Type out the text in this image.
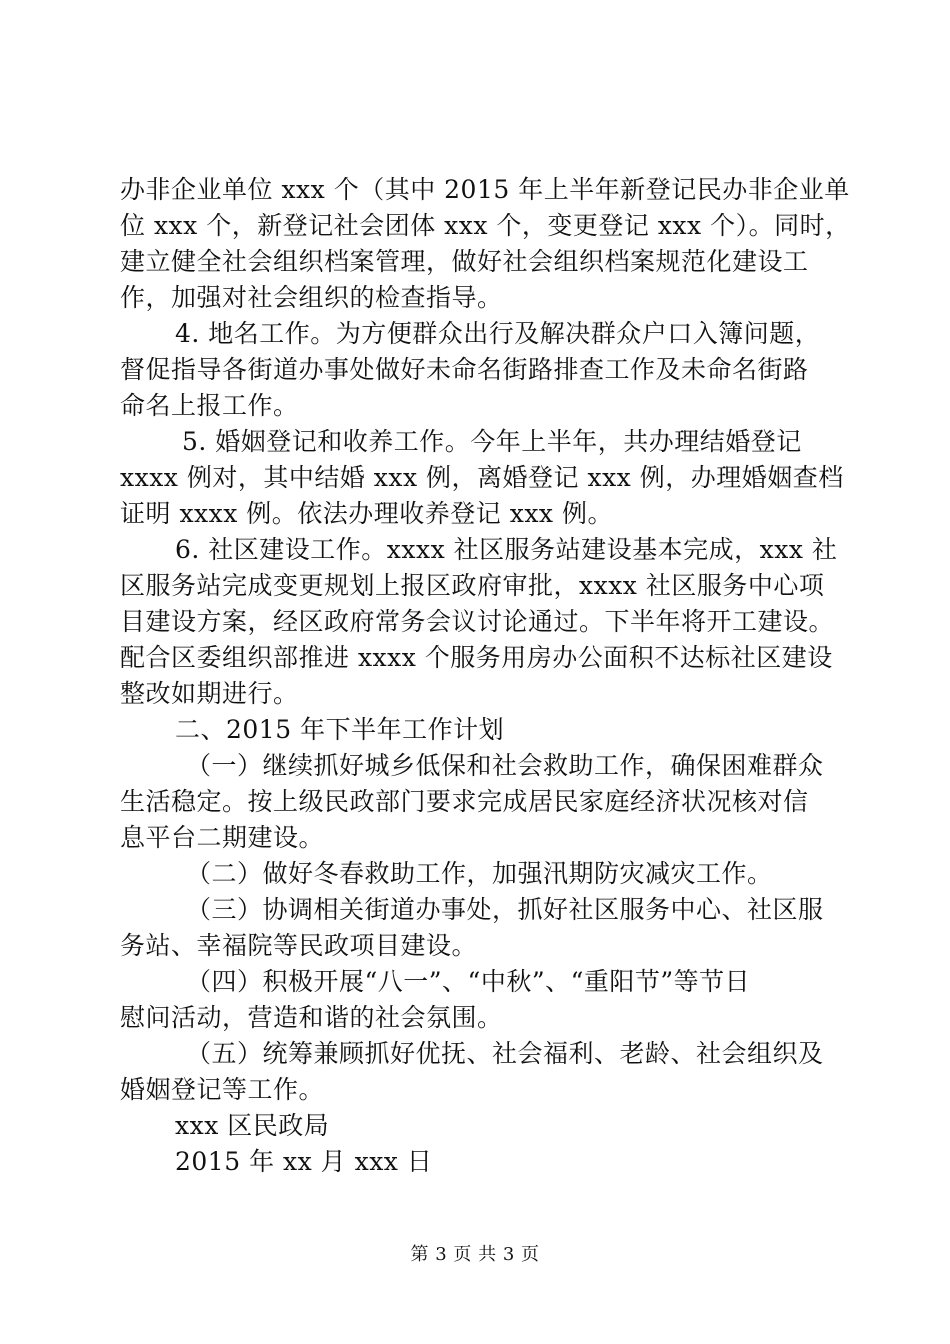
办非企业单位 xxx 个（其中 2015 年上半年新登记民办非企业单
位 xxx 个，新登记社会团体 xxx 个，变更登记 xxx 个）。同时，
建立健全社会组织档案管理，做好社会组织档案规范化建设工
作，加强对社会组织的检查指导。
4. 地名工作。为方便群众出行及解决群众户口入簿问题，
督促指导各街道办事处做好未命名街路排查工作及未命名街路
命名上报工作。
5. 婚姻登记和收养工作。今年上半年，共办理结婚登记
xxxx 例对，其中结婚 xxx 例，离婚登记 xxx 例，办理婚姻查档
证明 xxxx 例。依法办理收养登记 xxx 例。
6. 社区建设工作。xxxx 社区服务站建设基本完成，xxx 社
区服务站完成变更规划上报区政府审批，xxxx 社区服务中心项
目建设方案，经区政府常务会议讨论通过。下半年将开工建设。
配合区委组织部推进 xxxx 个服务用房办公面积不达标社区建设
整改如期进行。
二、2015 年下半年工作计划
（一）继续抓好城乡低保和社会救助工作，确保困难群众
生活稳定。按上级民政部门要求完成居民家庭经济状况核对信
息平台二期建设。
（二）做好冬春救助工作，加强汛期防灾减灾工作。
（三）协调相关街道办事处，抓好社区服务中心、社区服
务站、幸福院等民政项目建设。
（四）积极开展“八一”、“中秋”、“重阳节”等节日
慰问活动，营造和谐的社会氛围。
（五）统筹兼顾抓好优抚、社会福利、老龄、社会组织及
婚姻登记等工作。
xxx 区民政局
2015 年 xx 月 xxx 日
第 3 页 共 3 页
